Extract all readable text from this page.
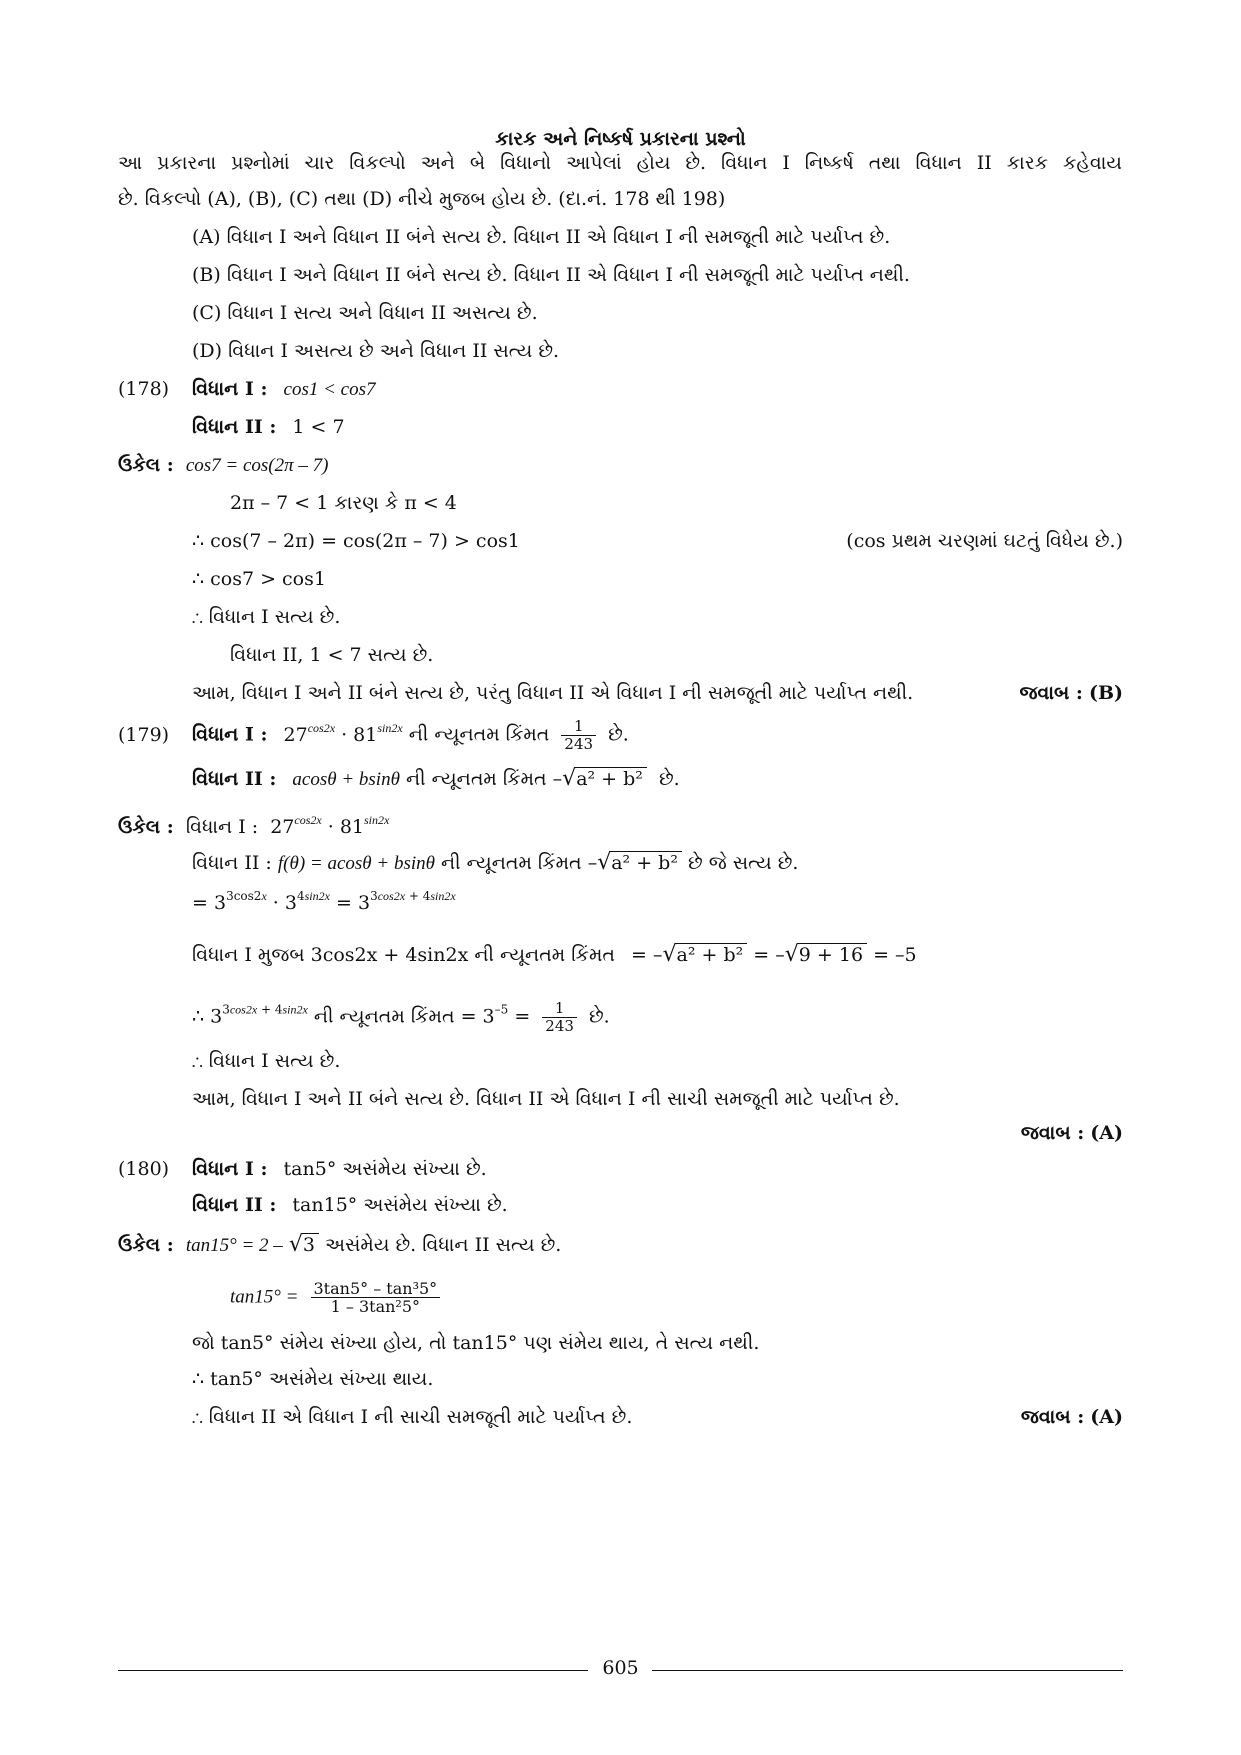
કારક અને નિષ્કર્ષ પ્રકારના પ્રશ્નો
આ પ્રકારના પ્રશ્નોમાં ચાર વિકલ્પો અને બે વિધાનો આપેલાં હોય છે. વિધાન I નિષ્કર્ષ તથા વિધાન II કારક કહેવાય
છે. વિકલ્પો (A), (B), (C) તથા (D) નીચે મુજબ હોય છે. (દા.નં. 178 થી 198)
(A) વિધાન I અને વિધાન II બંને સત્ય છે. વિધાન II એ વિધાન I ની સમજૂતી માટે પર્યાપ્ત છે.
(B) વિધાન I અને વિધાન II બંને સત્ય છે. વિધાન II એ વિધાન I ની સમજૂતી માટે પર્યાપ્ત નથી.
(C) વિધાન I સત્ય અને વિધાન II અસત્ય છે.
(D) વિધાન I અસત્ય છે અને વિધાન II સત્ય છે.
(178) વિધાન I : cos1 < cos7
વિધાન II : 1 < 7
ઉકેલ : cos7 = cos(2π – 7)
2π – 7 < 1 કારણ કે π < 4
∴ cos(7 – 2π) = cos(2π – 7) > cos1	(cos પ્રથમ ચરણમાં ઘટતું વિધેય છે.)
∴ cos7 > cos1
∴ વિધાન I સત્ય છે.
વિધાન II, 1 < 7 સત્ય છે.
આમ, વિધાન I અને II બંને સત્ય છે, પરંતુ વિધાન II એ વિધાન I ની સમજૂતી માટે પર્યાપ્ત નથી.	જવાબ : (B)
(179) વિધાન I : $27^{cos2x} \cdot 81^{sin2x}$ ની ન્યૂનતમ કિંમત $\frac{1}{243}$ છે.
વિધાન II : acosθ + bsinθ ની ન્યૂનતમ કિંમત –√a² + b² છે.
ઉકેલ : વિધાન I : $27^{cos2x} \cdot 81^{sin2x}$
વિધાન II : f(θ) = acosθ + bsinθ ની ન્યૂનતમ કિંમત –√a² + b² છે જે સત્ય છે.
= $3^{3cos2x} \cdot 3^{4sin2x} = 3^{3cos2x + 4sin2x}$
વિધાન I મુજબ 3cos2x + 4sin2x ની ન્યૂનતમ કિંમત = –√a² + b² = –√9 + 16 = –5
∴ $3^{3cos2x + 4sin2x}$ ની ન્યૂનતમ કિંમત = $3^{-5} = \frac{1}{243}$ છે.
∴ વિધાન I સત્ય છે.
આમ, વિધાન I અને II બંને સત્ય છે. વિધાન II એ વિધાન I ની સાચી સમજૂતી માટે પર્યાપ્ત છે.
જવાબ : (A)
(180) વિધાન I : tan5° અસંમેય સંખ્યા છે.
વિધાન II : tan15° અસંમેય સંખ્યા છે.
ઉકેલ : tan15° = 2 – √3 અસંમેય છે. વિધાન II સત્ય છે.
$\tan 15^\circ = \frac{\text{3tan5° – tan³5°}}{\text{1 – 3tan²5°}}$
જો tan5° સંમેય સંખ્યા હોય, તો tan15° પણ સંમેય થાય, તે સત્ય નથી.
∴ tan5° અસંમેય સંખ્યા થાય.
∴ વિધાન II એ વિધાન I ની સાચી સમજૂતી માટે પર્યાપ્ત છે.	જવાબ : (A)
605
